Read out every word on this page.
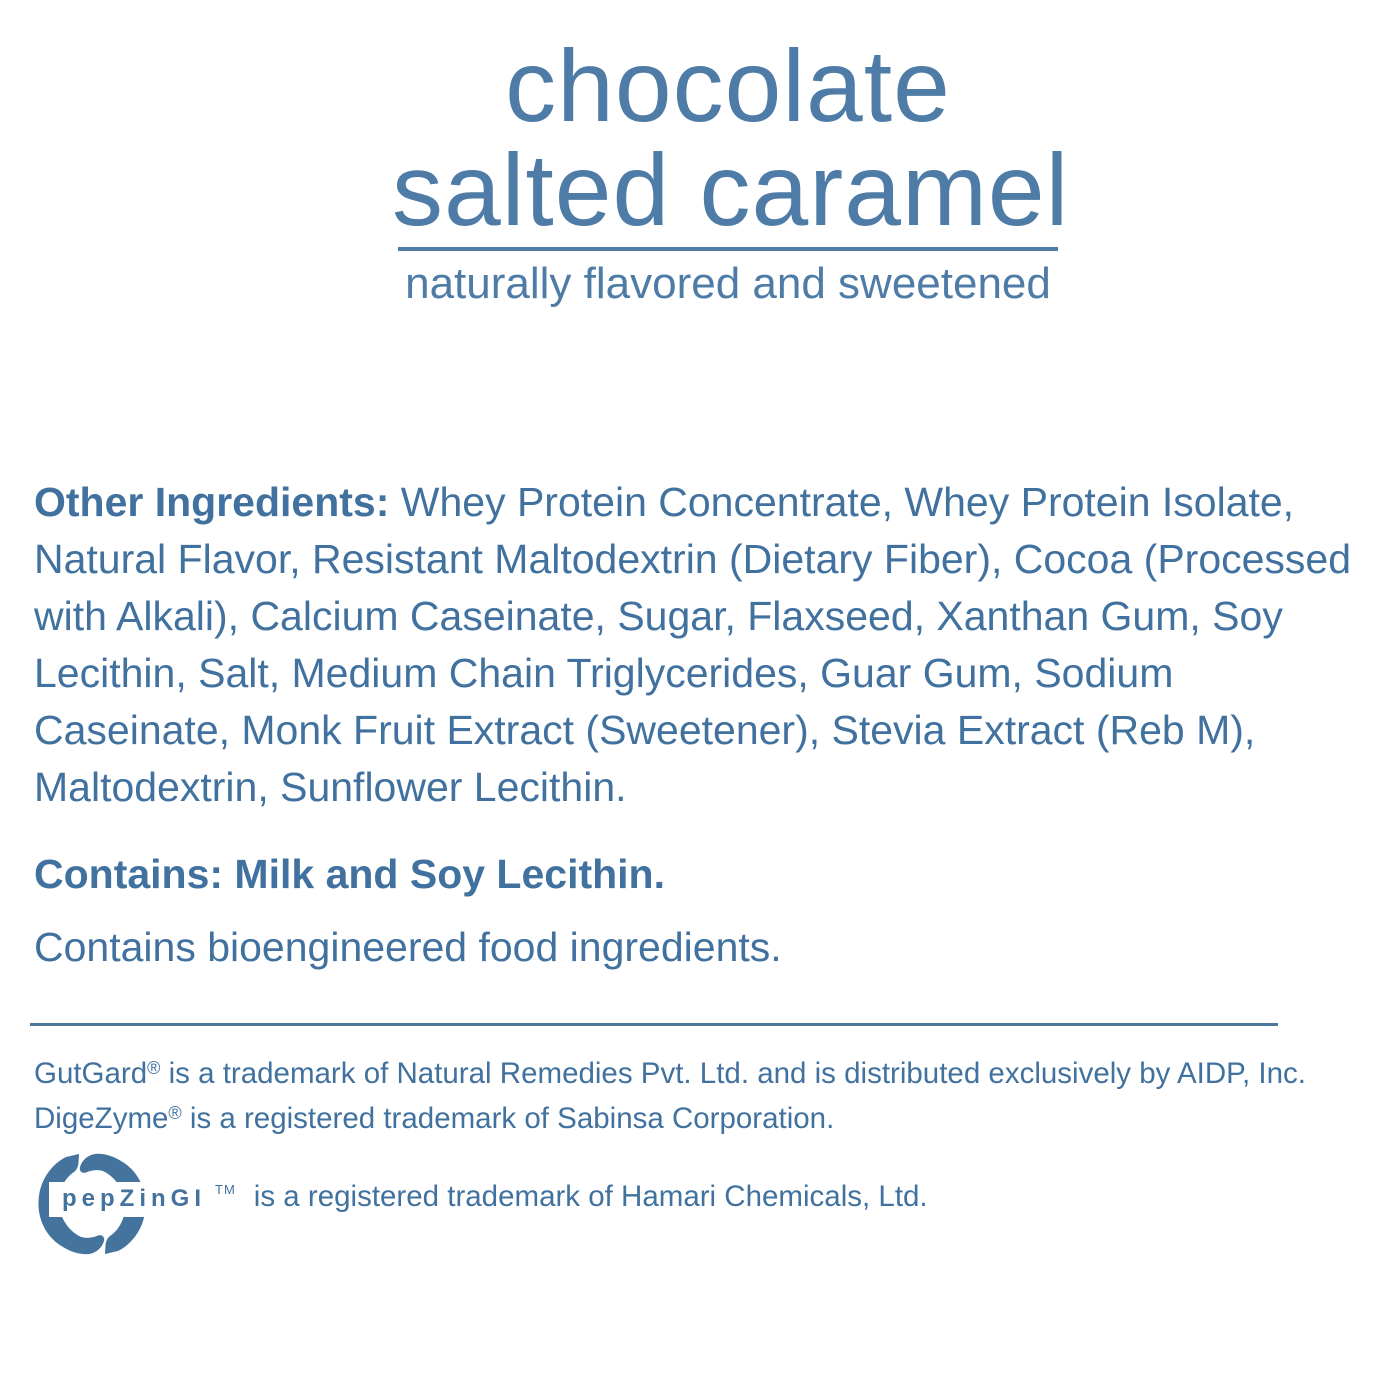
chocolate
salted caramel
naturally flavored and sweetened
Other Ingredients: Whey Protein Concentrate, Whey Protein Isolate, Natural Flavor, Resistant Maltodextrin (Dietary Fiber), Cocoa (Processed with Alkali), Calcium Caseinate, Sugar, Flaxseed, Xanthan Gum, Soy Lecithin, Salt, Medium Chain Triglycerides, Guar Gum, Sodium Caseinate, Monk Fruit Extract (Sweetener), Stevia Extract (Reb M), Maltodextrin, Sunflower Lecithin.
Contains: Milk and Soy Lecithin.
Contains bioengineered food ingredients.
GutGard® is a trademark of Natural Remedies Pvt. Ltd. and is distributed exclusively by AIDP, Inc.
DigeZyme® is a registered trademark of Sabinsa Corporation.
pepZinGI TM is a registered trademark of Hamari Chemicals, Ltd.
